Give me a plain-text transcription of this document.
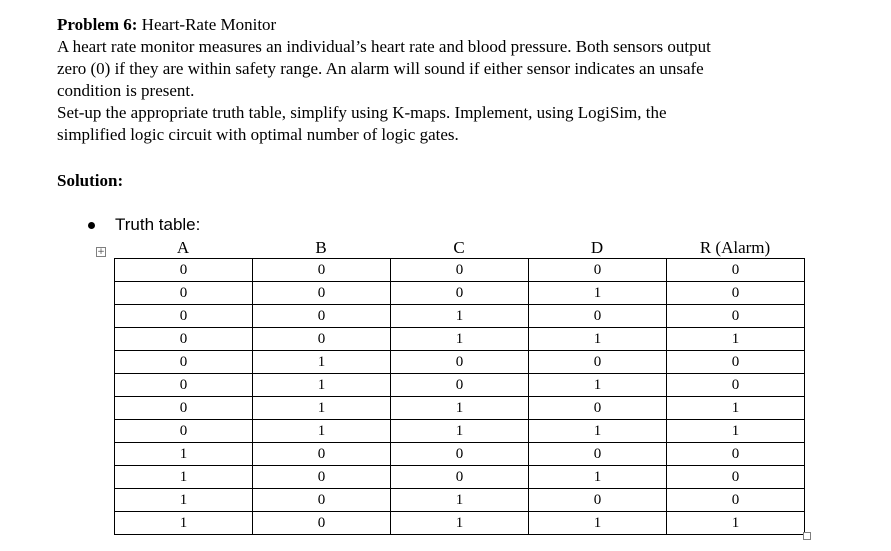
Problem 6: Heart-Rate Monitor

A heart rate monitor measures an individual’s heart rate and blood pressure. Both sensors output

zero (0) if they are within safety range. An alarm will sound if either sensor indicates an unsafe

condition is present.

Set-up the appropriate truth table, simplify using K-maps. Implement, using LogiSim, the

simplified logic circuit with optimal number of logic gates.

Solution:
Truth table:
+	A	B	C	D	R (Alarm)
0	0	0	0	0
0	0	0	1	0
0	0	1	0	0
0	0	1	1	1
0	1	0	0	0
0	1	0	1	0
0	1	1	0	1
0	1	1	1	1
1	0	0	0	0
1	0	0	1	0
1	0	1	0	0
1	0	1	1	1
